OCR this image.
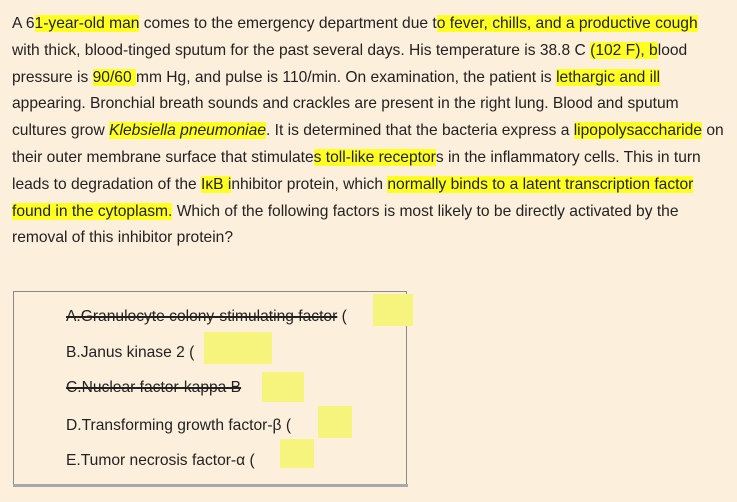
A 61-year-old man comes to the emergency department due to fever, chills, and a productive cough with thick, blood-tinged sputum for the past several days. His temperature is 38.8 C (102 F), blood pressure is 90/60 mm Hg, and pulse is 110/min. On examination, the patient is lethargic and ill appearing. Bronchial breath sounds and crackles are present in the right lung. Blood and sputum cultures grow Klebsiella pneumoniae. It is determined that the bacteria express a lipopolysaccharide on their outer membrane surface that stimulates toll-like receptors in the inflammatory cells. This in turn leads to degradation of the IκB inhibitor protein, which normally binds to a latent transcription factor found in the cytoplasm. Which of the following factors is most likely to be directly activated by the removal of this inhibitor protein?
A.Granulocyte colony-stimulating factor (
B.Janus kinase 2 (
C.Nuclear factor-kappa B
D.Transforming growth factor-β (
E.Tumor necrosis factor-α (
